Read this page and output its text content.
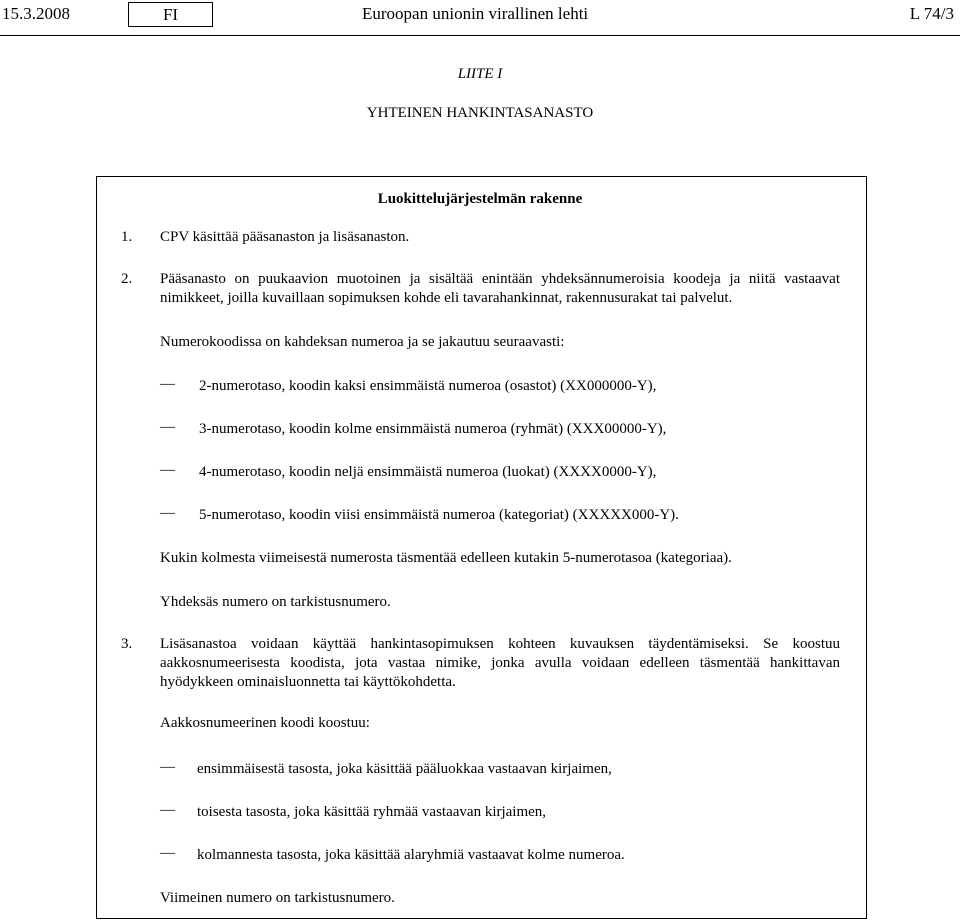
15.3.2008	FI	Euroopan unionin virallinen lehti	L 74/3
LIITE I
YHTEINEN HANKINTASANASTO
Luokittelujärjestelmän rakenne
1. CPV käsittää pääsanaston ja lisäsanaston.
2. Pääsanasto on puukaavion muotoinen ja sisältää enintään yhdeksännumeroisia koodeja ja niitä vastaavat nimikkeet, joilla kuvaillaan sopimuksen kohde eli tavarahankinnat, rakennusurakat tai palvelut.
Numerokoodissa on kahdeksan numeroa ja se jakautuu seuraavasti:
— 2-numerotaso, koodin kaksi ensimmäistä numeroa (osastot) (XX000000-Y),
— 3-numerotaso, koodin kolme ensimmäistä numeroa (ryhmät) (XXX00000-Y),
— 4-numerotaso, koodin neljä ensimmäistä numeroa (luokat) (XXXX0000-Y),
— 5-numerotaso, koodin viisi ensimmäistä numeroa (kategoriat) (XXXXX000-Y).
Kukin kolmesta viimeisestä numerosta täsmentää edelleen kutakin 5-numerotasoa (kategoriaa).
Yhdeksäs numero on tarkistusnumero.
3. Lisäsanastoa voidaan käyttää hankintasopimuksen kohteen kuvauksen täydentämiseksi. Se koostuu aakkosnumeerisesta koodista, jota vastaa nimike, jonka avulla voidaan edelleen täsmentää hankittavan hyödykkeen ominaisluonnetta tai käyttökohdetta.
Aakkosnumeerinen koodi koostuu:
— ensimmäisestä tasosta, joka käsittää pääluokkaa vastaavan kirjaimen,
— toisesta tasosta, joka käsittää ryhmää vastaavan kirjaimen,
— kolmannesta tasosta, joka käsittää alaryhmiä vastaavat kolme numeroa.
Viimeinen numero on tarkistusnumero.
